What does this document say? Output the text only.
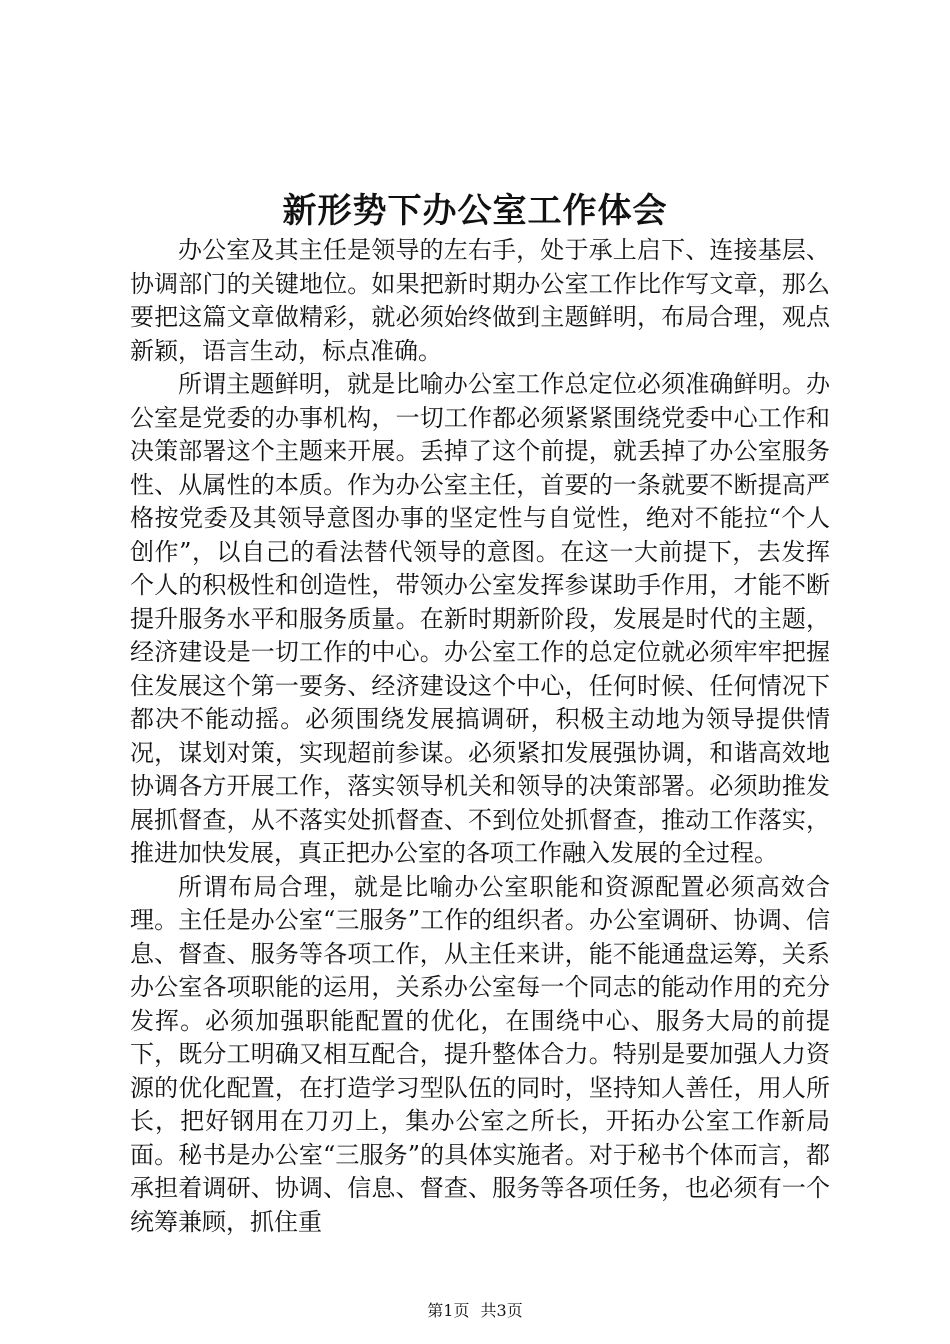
新形势下办公室工作体会

办公室及其主任是领导的左右手，处于承上启下、连接基层、协调部门的关键地位。如果把新时期办公室工作比作写文章，那么要把这篇文章做精彩，就必须始终做到主题鲜明，布局合理，观点新颖，语言生动，标点准确。

所谓主题鲜明，就是比喻办公室工作总定位必须准确鲜明。办公室是党委的办事机构，一切工作都必须紧紧围绕党委中心工作和决策部署这个主题来开展。丢掉了这个前提，就丢掉了办公室服务性、从属性的本质。作为办公室主任，首要的一条就要不断提高严格按党委及其领导意图办事的坚定性与自觉性，绝对不能拉“个人创作”，以自己的看法替代领导的意图。在这一大前提下，去发挥个人的积极性和创造性，带领办公室发挥参谋助手作用，才能不断提升服务水平和服务质量。在新时期新阶段，发展是时代的主题，经济建设是一切工作的中心。办公室工作的总定位就必须牢牢把握住发展这个第一要务、经济建设这个中心，任何时候、任何情况下都决不能动摇。必须围绕发展搞调研，积极主动地为领导提供情况，谋划对策，实现超前参谋。必须紧扣发展强协调，和谐高效地协调各方开展工作，落实领导机关和领导的决策部署。必须助推发展抓督查，从不落实处抓督查、不到位处抓督查，推动工作落实，推进加快发展，真正把办公室的各项工作融入发展的全过程。

所谓布局合理，就是比喻办公室职能和资源配置必须高效合理。主任是办公室“三服务”工作的组织者。办公室调研、协调、信息、督查、服务等各项工作，从主任来讲，能不能通盘运筹，关系办公室各项职能的运用，关系办公室每一个同志的能动作用的充分发挥。必须加强职能配置的优化，在围绕中心、服务大局的前提下，既分工明确又相互配合，提升整体合力。特别是要加强人力资源的优化配置，在打造学习型队伍的同时，坚持知人善任，用人所长，把好钢用在刀刃上，集办公室之所长，开拓办公室工作新局面。秘书是办公室“三服务”的具体实施者。对于秘书个体而言，都承担着调研、协调、信息、督查、服务等各项任务，也必须有一个统筹兼顾，抓住重

第1页 共3页
